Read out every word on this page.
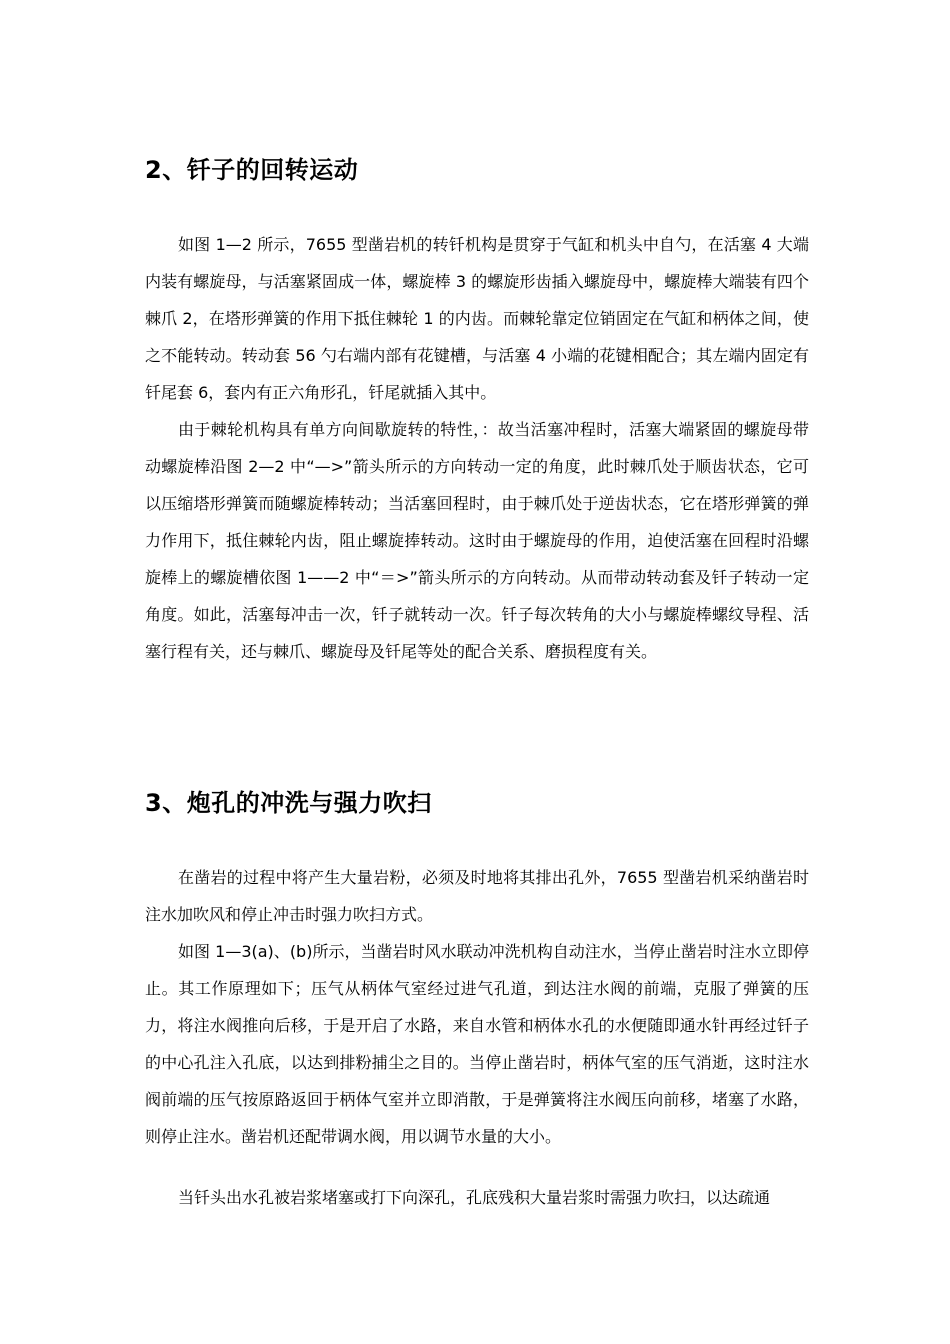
2、钎子的回转运动

如图 1—2 所示，7655 型凿岩机的转钎机构是贯穿于气缸和机头中自勺，在活塞 4 大端内装有螺旋母，与活塞紧固成一体，螺旋棒 3 的螺旋形齿插入螺旋母中，螺旋棒大端装有四个棘爪 2，在塔形弹簧的作用下抵住棘轮 1 的内齿。而棘轮靠定位销固定在气缸和柄体之间，使之不能转动。转动套 56 勺右端内部有花键槽，与活塞 4 小端的花键相配合；其左端内固定有钎尾套 6，套内有正六角形孔，钎尾就插入其中。

由于棘轮机构具有单方向间歇旋转的特性，：故当活塞冲程时，活塞大端紧固的螺旋母带动螺旋棒沿图 2—2 中“—>”箭头所示的方向转动一定的角度，此时棘爪处于顺齿状态，它可以压缩塔形弹簧而随螺旋棒转动；当活塞回程时，由于棘爪处于逆齿状态，它在塔形弹簧的弹力作用下，抵住棘轮内齿，阻止螺旋捧转动。这时由于螺旋母的作用，迫使活塞在回程时沿螺旋棒上的螺旋槽依图 1——2 中“＝>”箭头所示的方向转动。从而带动转动套及钎子转动一定角度。如此，活塞每冲击一次，钎子就转动一次。钎子每次转角的大小与螺旋棒螺纹导程、活塞行程有关，还与棘爪、螺旋母及钎尾等处的配合关系、磨损程度有关。

3、炮孔的冲洗与强力吹扫

在凿岩的过程中将产生大量岩粉，必须及时地将其排出孔外，7655 型凿岩机采纳凿岩时注水加吹风和停止冲击时强力吹扫方式。

如图 1—3(a)、(b)所示，当凿岩时风水联动冲洗机构自动注水，当停止凿岩时注水立即停止。其工作原理如下；压气从柄体气室经过进气孔道，到达注水阀的前端，克服了弹簧的压力，将注水阀推向后移，于是开启了水路，来自水管和柄体水孔的水便随即通水针再经过钎子的中心孔注入孔底，以达到排粉捕尘之目的。当停止凿岩时，柄体气室的压气消逝，这时注水阀前端的压气按原路返回于柄体气室并立即消散，于是弹簧将注水阀压向前移，堵塞了水路，则停止注水。凿岩机还配带调水阀，用以调节水量的大小。

当钎头出水孔被岩浆堵塞或打下向深孔，孔底残积大量岩浆时需强力吹扫，以达疏通
